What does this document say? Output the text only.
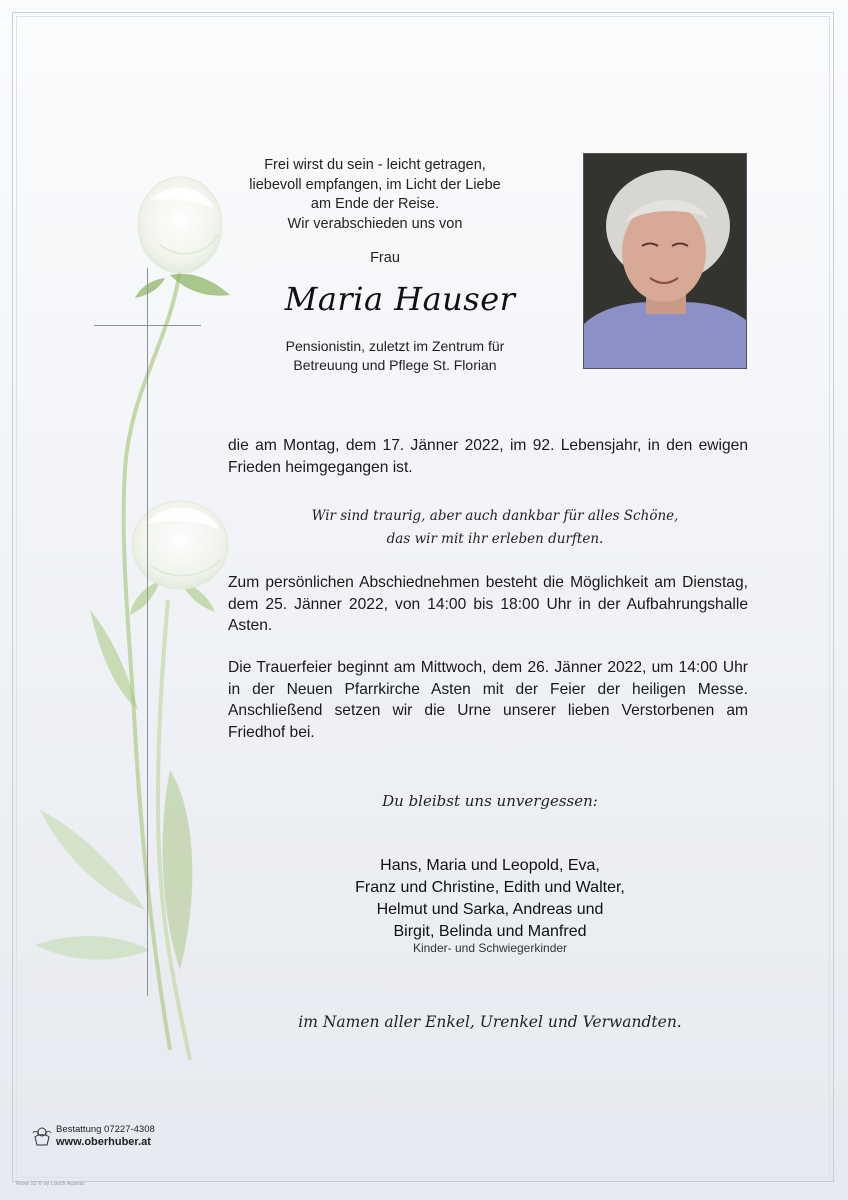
Frei wirst du sein - leicht getragen,
liebevoll empfangen, im Licht der Liebe
am Ende der Reise.
Wir verabschieden uns von
Frau
Maria Hauser
Pensionistin, zuletzt im Zentrum für
Betreuung und Pflege St. Florian
die am Montag, dem 17. Jänner 2022, im 92. Lebensjahr, in den ewigen Frieden heimgegangen ist.
Wir sind traurig, aber auch dankbar für alles Schöne,
das wir mit ihr erleben durften.
Zum persönlichen Abschiednehmen besteht die Möglichkeit am Dienstag, dem 25. Jänner 2022, von 14:00 bis 18:00 Uhr in der Aufbahrungshalle Asten.
Die Trauerfeier beginnt am Mittwoch, dem 26. Jänner 2022, um 14:00 Uhr in der Neuen Pfarrkirche Asten mit der Feier der heiligen Messe. Anschließend setzen wir die Urne unserer lieben Verstorbenen am Friedhof bei.
Du bleibst uns unvergessen:
Hans, Maria und Leopold, Eva,
Franz und Christine, Edith und Walter,
Helmut und Sarka, Andreas und
Birgit, Belinda und Manfred
Kinder- und Schwiegerkinder
im Namen aller Enkel, Urenkel und Verwandten.
Bestattung 07227-4308
www.oberhuber.at
Rose 10 © by Lösch Austria
